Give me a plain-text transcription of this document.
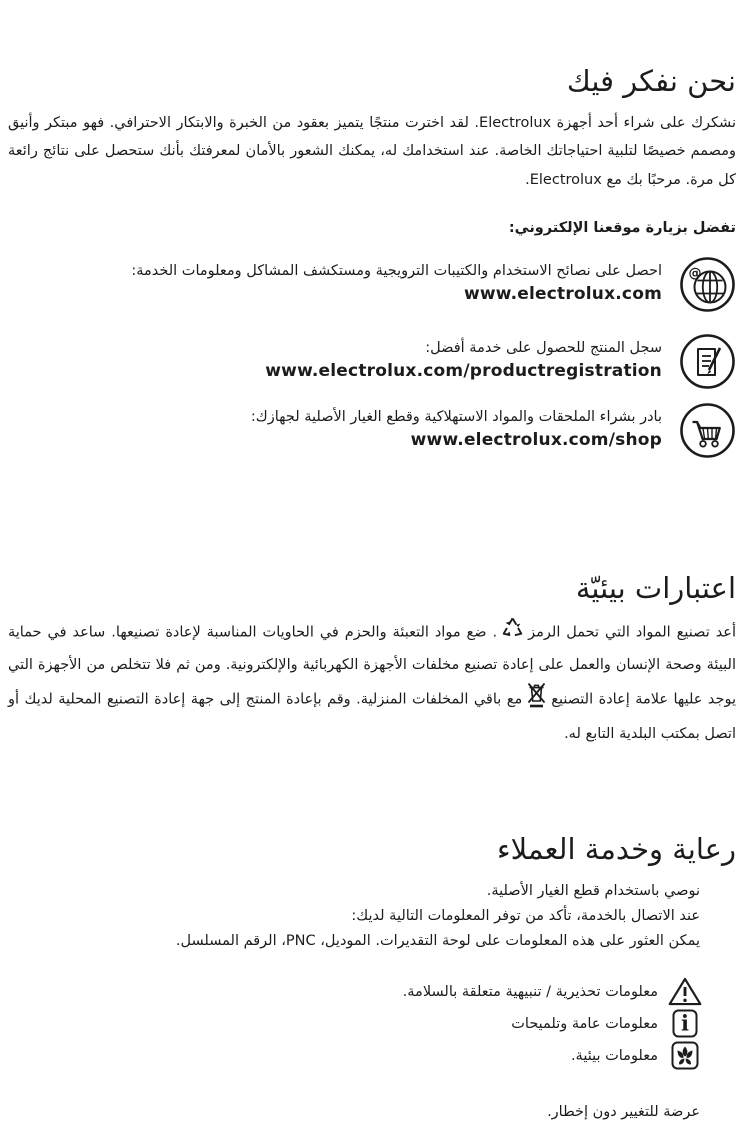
نحن نفكر فيك

نشكرك على شراء أحد أجهزة Electrolux. لقد اخترت منتجًا يتميز بعقود من الخبرة والابتكار الاحترافي. فهو مبتكر وأنيق ومصمم خصيصًا لتلبية احتياجاتك الخاصة. عند استخدامك له، يمكنك الشعور بالأمان لمعرفتك بأنك ستحصل على نتائج رائعة كل مرة. مرحبًا بك مع Electrolux.

تفضل بزيارة موقعنا الإلكتروني:

@
احصل على نصائح الاستخدام والكتيبات الترويجية ومستكشف المشاكل ومعلومات الخدمة:
www.electrolux.com
سجل المنتج للحصول على خدمة أفضل:
www.electrolux.com/productregistration
بادر بشراء الملحقات والمواد الاستهلاكية وقطع الغيار الأصلية لجهازك:
www.electrolux.com/shop
اعتبارات بيئيّة

أعد تصنيع المواد التي تحمل الرمز. ضع مواد التعبئة والحزم في الحاويات المناسبة لإعادة تصنيعها. ساعد في حماية البيئة وصحة الإنسان والعمل على إعادة تصنيع مخلفات الأجهزة الكهربائية والإلكترونية. ومن ثم فلا تتخلص من الأجهزة التي يوجد عليها علامة إعادة التصنيعمع باقي المخلفات المنزلية. وقم بإعادة المنتج إلى جهة إعادة التصنيع المحلية لديك أو اتصل بمكتب البلدية التابع له.

رعاية وخدمة العملاء
نوصي باستخدام قطع الغيار الأصلية.
عند الاتصال بالخدمة، تأكد من توفر المعلومات التالية لديك:
يمكن العثور على هذه المعلومات على لوحة التقديرات. الموديل، PNC، الرقم المسلسل.
معلومات تحذيرية / تنبيهية متعلقة بالسلامة.
i
معلومات عامة وتلميحات
معلومات بيئية.
عرضة للتغيير دون إخطار.
